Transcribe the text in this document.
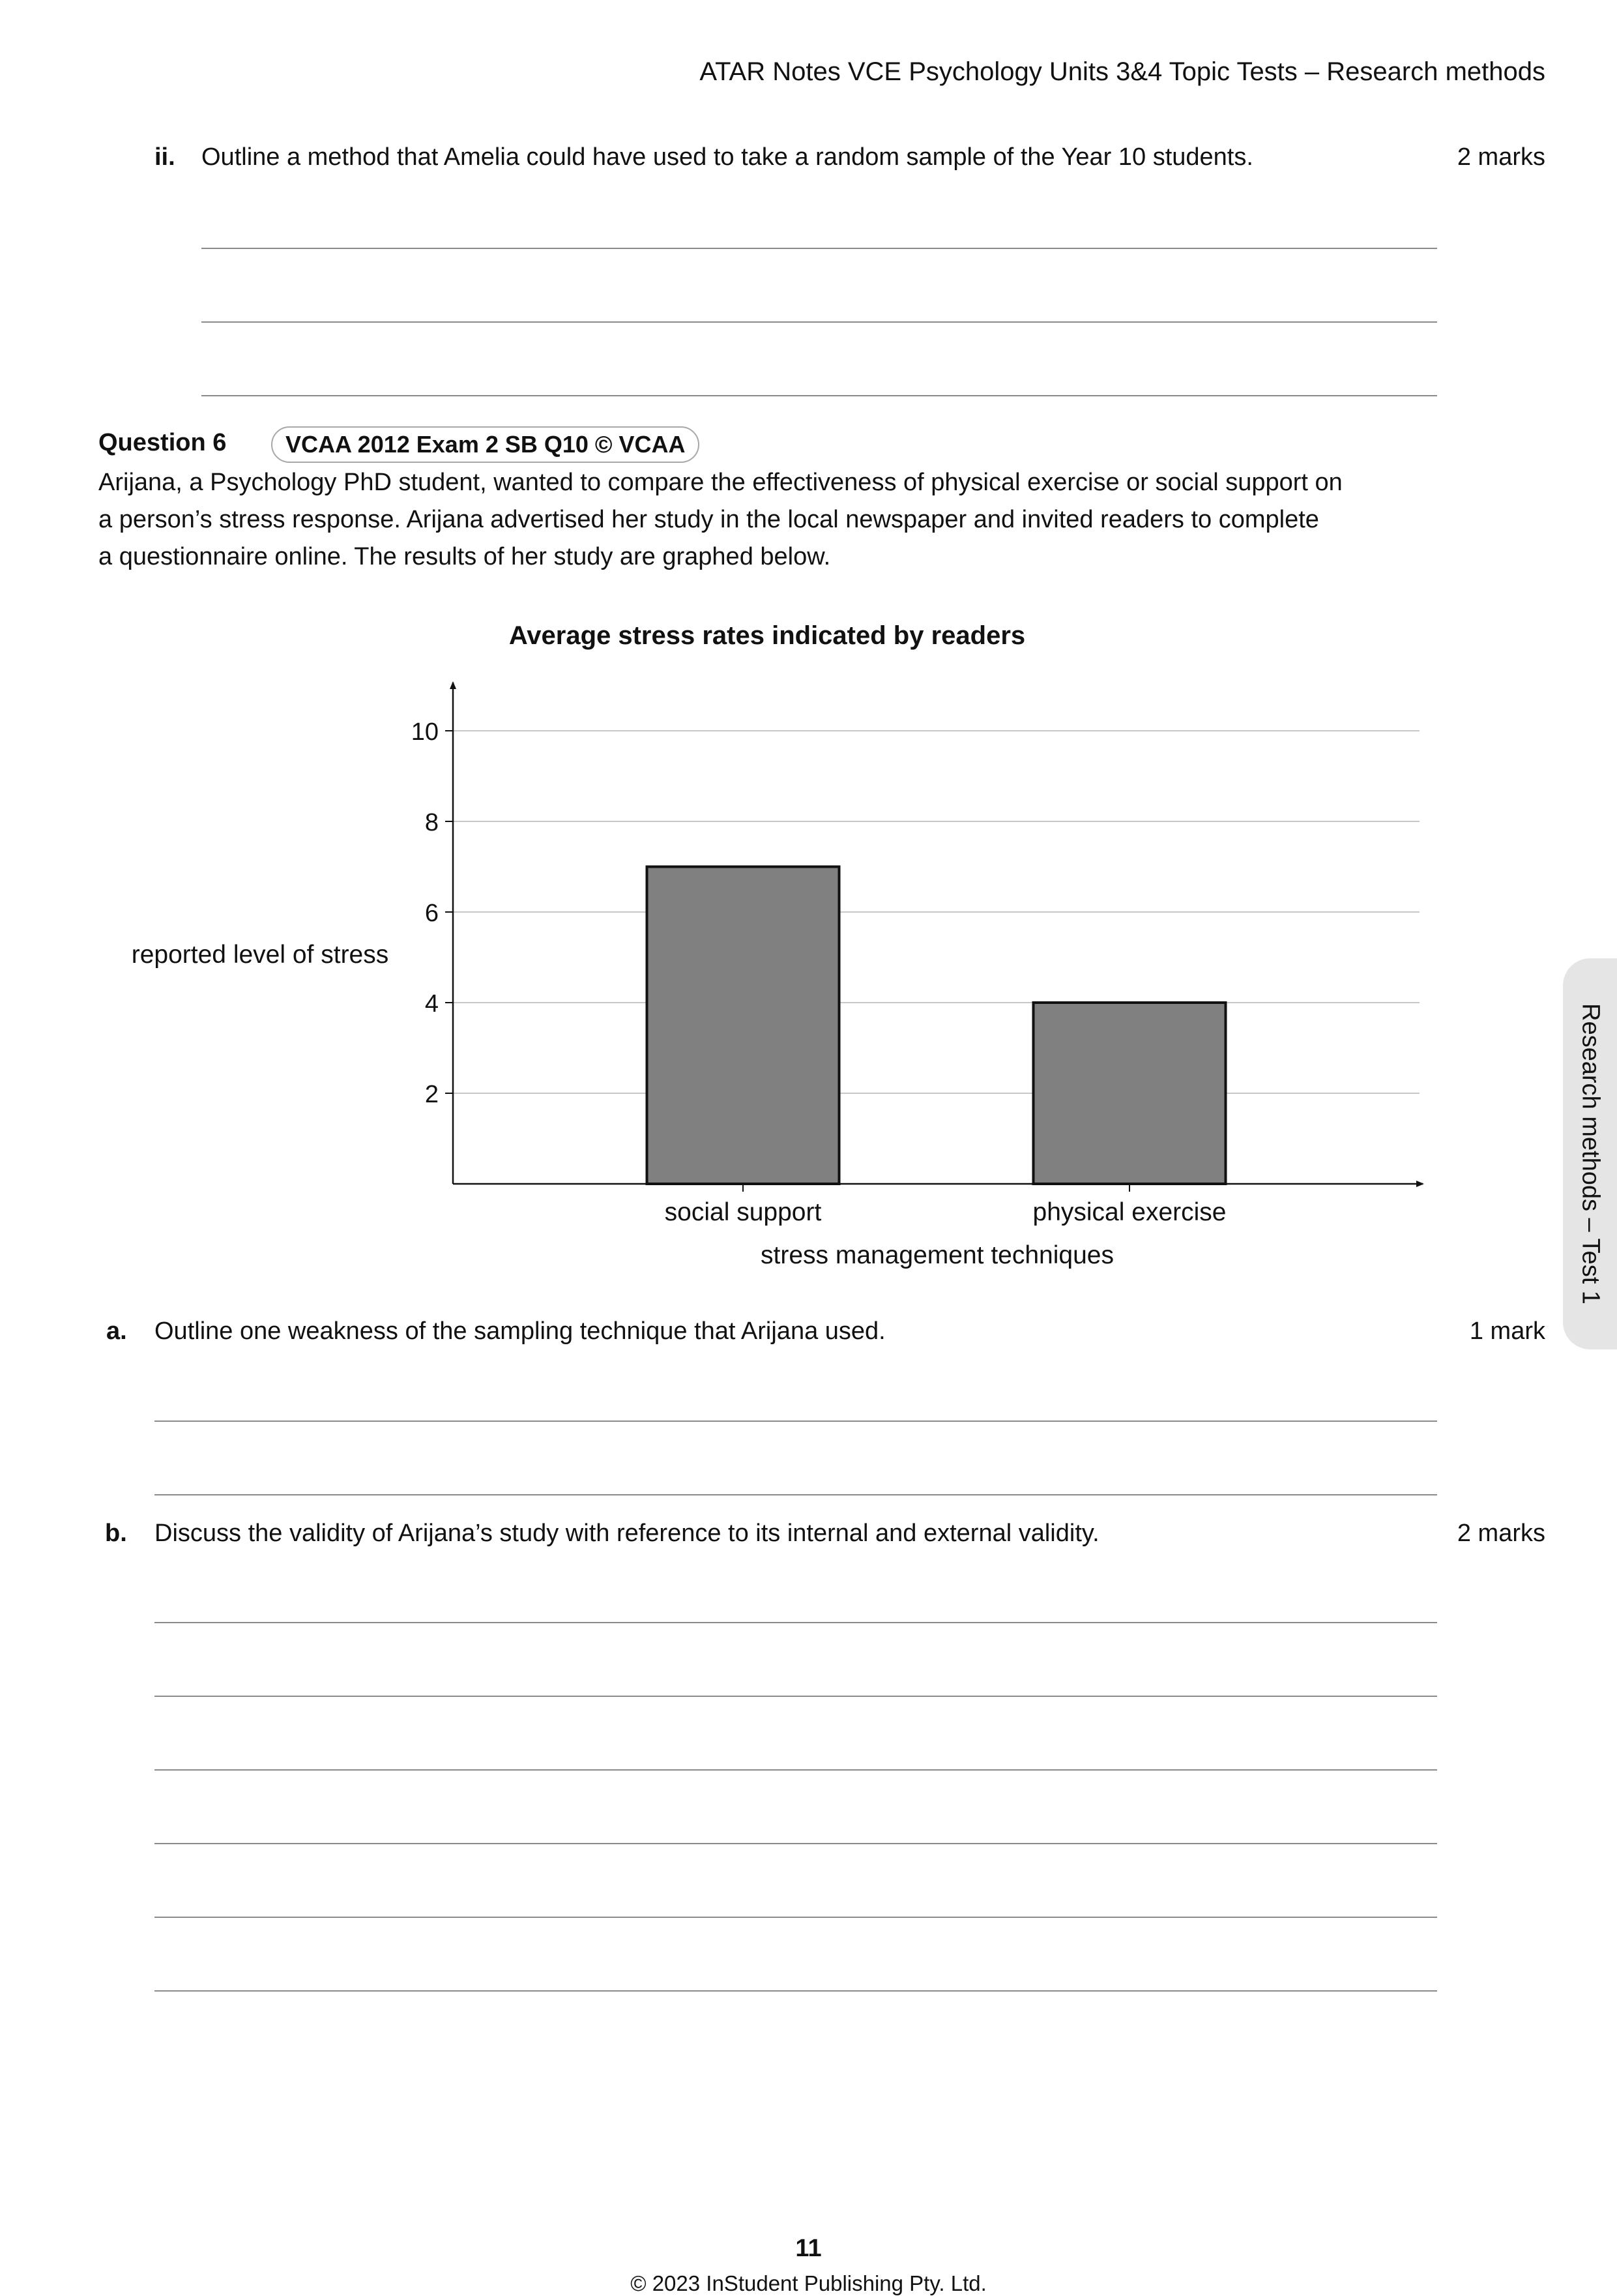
ATAR Notes VCE Psychology Units 3&4 Topic Tests – Research methods
ii. Outline a method that Amelia could have used to take a random sample of the Year 10 students.	2 marks
Question 6	VCAA 2012 Exam 2 SB Q10 © VCAA

Arijana, a Psychology PhD student, wanted to compare the effectiveness of physical exercise or social support on

a person’s stress response. Arijana advertised her study in the local newspaper and invited readers to complete

a questionnaire online. The results of her study are graphed below.

Average stress rates indicated by readers
reported level of stress
stress management techniques
2
4
6
8
10
social support	physical exercise
a. Outline one weakness of the sampling technique that Arijana used.	1 mark
b. Discuss the validity of Arijana’s study with reference to its internal and external validity.	2 marks
Research methods – Test 1
11
© 2023 InStudent Publishing Pty. Ltd.
